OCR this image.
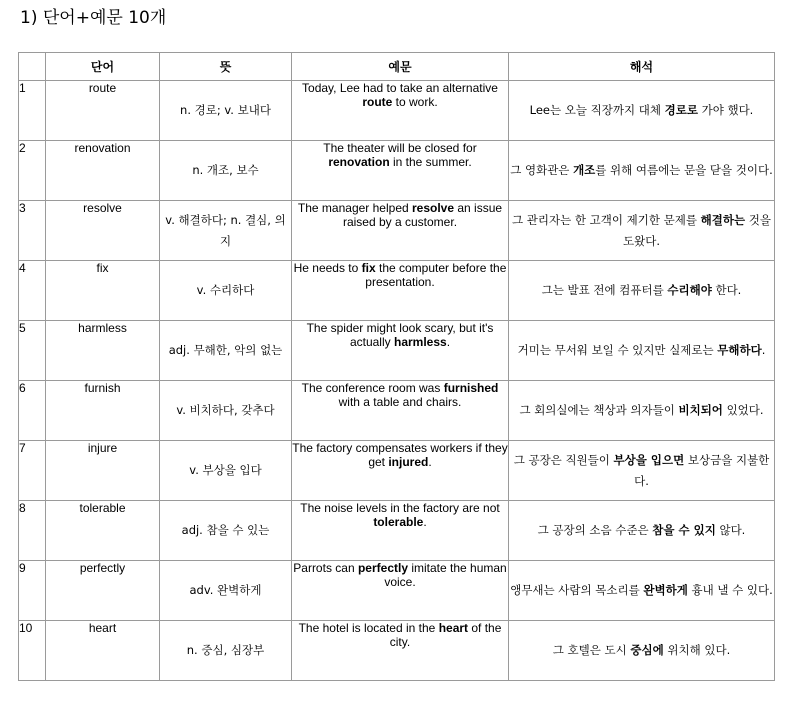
1) 단어+예문 10개
	단어	뜻	예문	해석
1	route	n. 경로; v. 보내다	Today, Lee had to take an alternative route to work.	Lee는 오늘 직장까지 대체 경로로 가야 했다.
2	renovation	n. 개조, 보수	The theater will be closed for renovation in the summer.	그 영화관은 개조를 위해 여름에는 문을 닫을 것이다.
3	resolve	v. 해결하다; n. 결심, 의지	The manager helped resolve an issue raised by a customer.	그 관리자는 한 고객이 제기한 문제를 해결하는 것을 도왔다.
4	fix	v. 수리하다	He needs to fix the computer before the presentation.	그는 발표 전에 컴퓨터를 수리해야 한다.
5	harmless	adj. 무해한, 악의 없는	The spider might look scary, but it's actually harmless.	거미는 무서워 보일 수 있지만 실제로는 무해하다.
6	furnish	v. 비치하다, 갖추다	The conference room was furnished with a table and chairs.	그 회의실에는 책상과 의자들이 비치되어 있었다.
7	injure	v. 부상을 입다	The factory compensates workers if they get injured.	그 공장은 직원들이 부상을 입으면 보상금을 지불한다.
8	tolerable	adj. 참을 수 있는	The noise levels in the factory are not tolerable.	그 공장의 소음 수준은 참을 수 있지 않다.
9	perfectly	adv. 완벽하게	Parrots can perfectly imitate the human voice.	앵무새는 사람의 목소리를 완벽하게 흉내 낼 수 있다.
10	heart	n. 중심, 심장부	The hotel is located in the heart of the city.	그 호텔은 도시 중심에 위치해 있다.
